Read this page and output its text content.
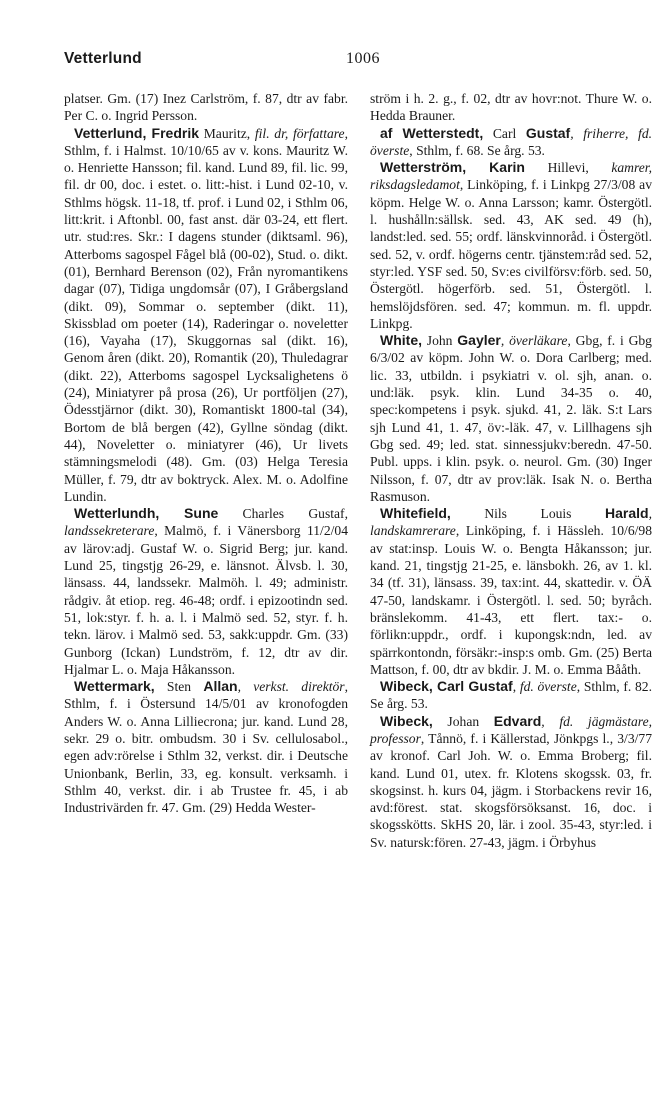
Vetterlund	1006

platser. Gm. (17) Inez Carlström, f. 87, dtr av fabr. Per C. o. Ingrid Persson.

Vetterlund, Fredrik Mauritz, fil. dr, författare, Sthlm, f. i Halmst. 10/10/65 av v. kons. Mauritz W. o. Henriette Hansson; fil. kand. Lund 89, fil. lic. 99, fil. dr 00, doc. i estet. o. litt:-hist. i Lund 02-10, v. Sthlms högsk. 11-18, tf. prof. i Lund 02, i Sthlm 06, litt:krit. i Aftonbl. 00, fast anst. där 03-24, ett flert. utr. stud:res. Skr.: I dagens stunder (diktsaml. 96), Atterboms sagospel Fågel blå (00-02), Stud. o. dikt. (01), Bernhard Berenson (02), Från nyromantikens dagar (07), Tidiga ungdomsår (07), I Gråbergsland (dikt. 09), Sommar o. september (dikt. 11), Skissblad om poeter (14), Raderingar o. noveletter (16), Vayaha (17), Skuggornas sal (dikt. 16), Genom åren (dikt. 20), Romantik (20), Thuledagrar (dikt. 22), Atterboms sagospel Lycksalighetens ö (24), Miniatyrer på prosa (26), Ur portföljen (27), Ödesstjärnor (dikt. 30), Romantiskt 1800-tal (34), Bortom de blå bergen (42), Gyllne söndag (dikt. 44), Noveletter o. miniatyrer (46), Ur livets stämningsmelodi (48). Gm. (03) Helga Teresia Müller, f. 79, dtr av boktryck. Alex. M. o. Adolfine Lundin.

Wetterlundh, Sune Charles Gustaf, landssekreterare, Malmö, f. i Vänersborg 11/2/04 av lärov:adj. Gustaf W. o. Sigrid Berg; jur. kand. Lund 25, tingstjg 26-29, e. länsnot. Älvsb. l. 30, länsass. 44, landssekr. Malmöh. l. 49; administr. rådgiv. åt etiop. reg. 46-48; ordf. i epizootindn sed. 51, lok:styr. f. h. a. l. i Malmö sed. 52, styr. f. h. tekn. lärov. i Malmö sed. 53, sakk:uppdr. Gm. (33) Gunborg (Ickan) Lundström, f. 12, dtr av dir. Hjalmar L. o. Maja Håkansson.

Wettermark, Sten Allan, verkst. direktör, Sthlm, f. i Östersund 14/5/01 av kronofogden Anders W. o. Anna Lilliecrona; jur. kand. Lund 28, sekr. 29 o. bitr. ombudsm. 30 i Sv. cellulosabol., egen adv:rörelse i Sthlm 32, verkst. dir. i Deutsche Unionbank, Berlin, 33, eg. konsult. verksamh. i Sthlm 40, verkst. dir. i ab Trustee fr. 45, i ab Industrivärden fr. 47. Gm. (29) Hedda Wester-

ström i h. 2. g., f. 02, dtr av hovr:not. Thure W. o. Hedda Brauner.

af Wetterstedt, Carl Gustaf, friherre, fd. överste, Sthlm, f. 68. Se årg. 53.

Wetterström, Karin Hillevi, kamrer, riksdagsledamot, Linköping, f. i Linkpg 27/3/08 av köpm. Helge W. o. Anna Larsson; kamr. Östergötl. l. hushålln:sällsk. sed. 43, AK sed. 49 (h), landst:led. sed. 55; ordf. länskvinnoråd. i Östergötl. sed. 52, v. ordf. högerns centr. tjänstem:råd sed. 52, styr:led. YSF sed. 50, Sv:es civilförsv:förb. sed. 50, Östergötl. högerförb. sed. 51, Östergötl. l. hemslöjdsfören. sed. 47; kommun. m. fl. uppdr. Linkpg.

White, John Gayler, överläkare, Gbg, f. i Gbg 6/3/02 av köpm. John W. o. Dora Carlberg; med. lic. 33, utbildn. i psykiatri v. ol. sjh, anan. o. und:läk. psyk. klin. Lund 34-35 o. 40, spec:kompetens i psyk. sjukd. 41, 2. läk. S:t Lars sjh Lund 41, 1. 47, öv:-läk. 47, v. Lillhagens sjh Gbg sed. 49; led. stat. sinnessjukv:beredn. 47-50. Publ. upps. i klin. psyk. o. neurol. Gm. (30) Inger Nilsson, f. 07, dtr av prov:läk. Isak N. o. Bertha Rasmuson.

Whitefield, Nils Louis Harald, landskamrerare, Linköping, f. i Hässleh. 10/6/98 av stat:insp. Louis W. o. Bengta Håkansson; jur. kand. 21, tingstjg 21-25, e. länsbokh. 26, av 1. kl. 34 (tf. 31), länsass. 39, tax:int. 44, skattedir. v. ÖÄ 47-50, landskamr. i Östergötl. l. sed. 50; byråch. bränslekomm. 41-43, ett flert. tax:- o. förlikn:uppdr., ordf. i kupongsk:ndn, led. av spärrkontondn, försäkr:-insp:s omb. Gm. (25) Berta Mattson, f. 00, dtr av bkdir. J. M. o. Emma Bååth.

Wibeck, Carl Gustaf, fd. överste, Sthlm, f. 82. Se årg. 53.

Wibeck, Johan Edvard, fd. jägmästare, professor, Tånnö, f. i Källerstad, Jönkpgs l., 3/3/77 av kronof. Carl Joh. W. o. Emma Broberg; fil. kand. Lund 01, utex. fr. Klotens skogssk. 03, fr. skogsinst. h. kurs 04, jägm. i Storbackens revir 16, avd:förest. stat. skogsförsöksanst. 16, doc. i skogsskötts. SkHS 20, lär. i zool. 35-43, styr:led. i Sv. natursk:fören. 27-43, jägm. i Örbyhus
